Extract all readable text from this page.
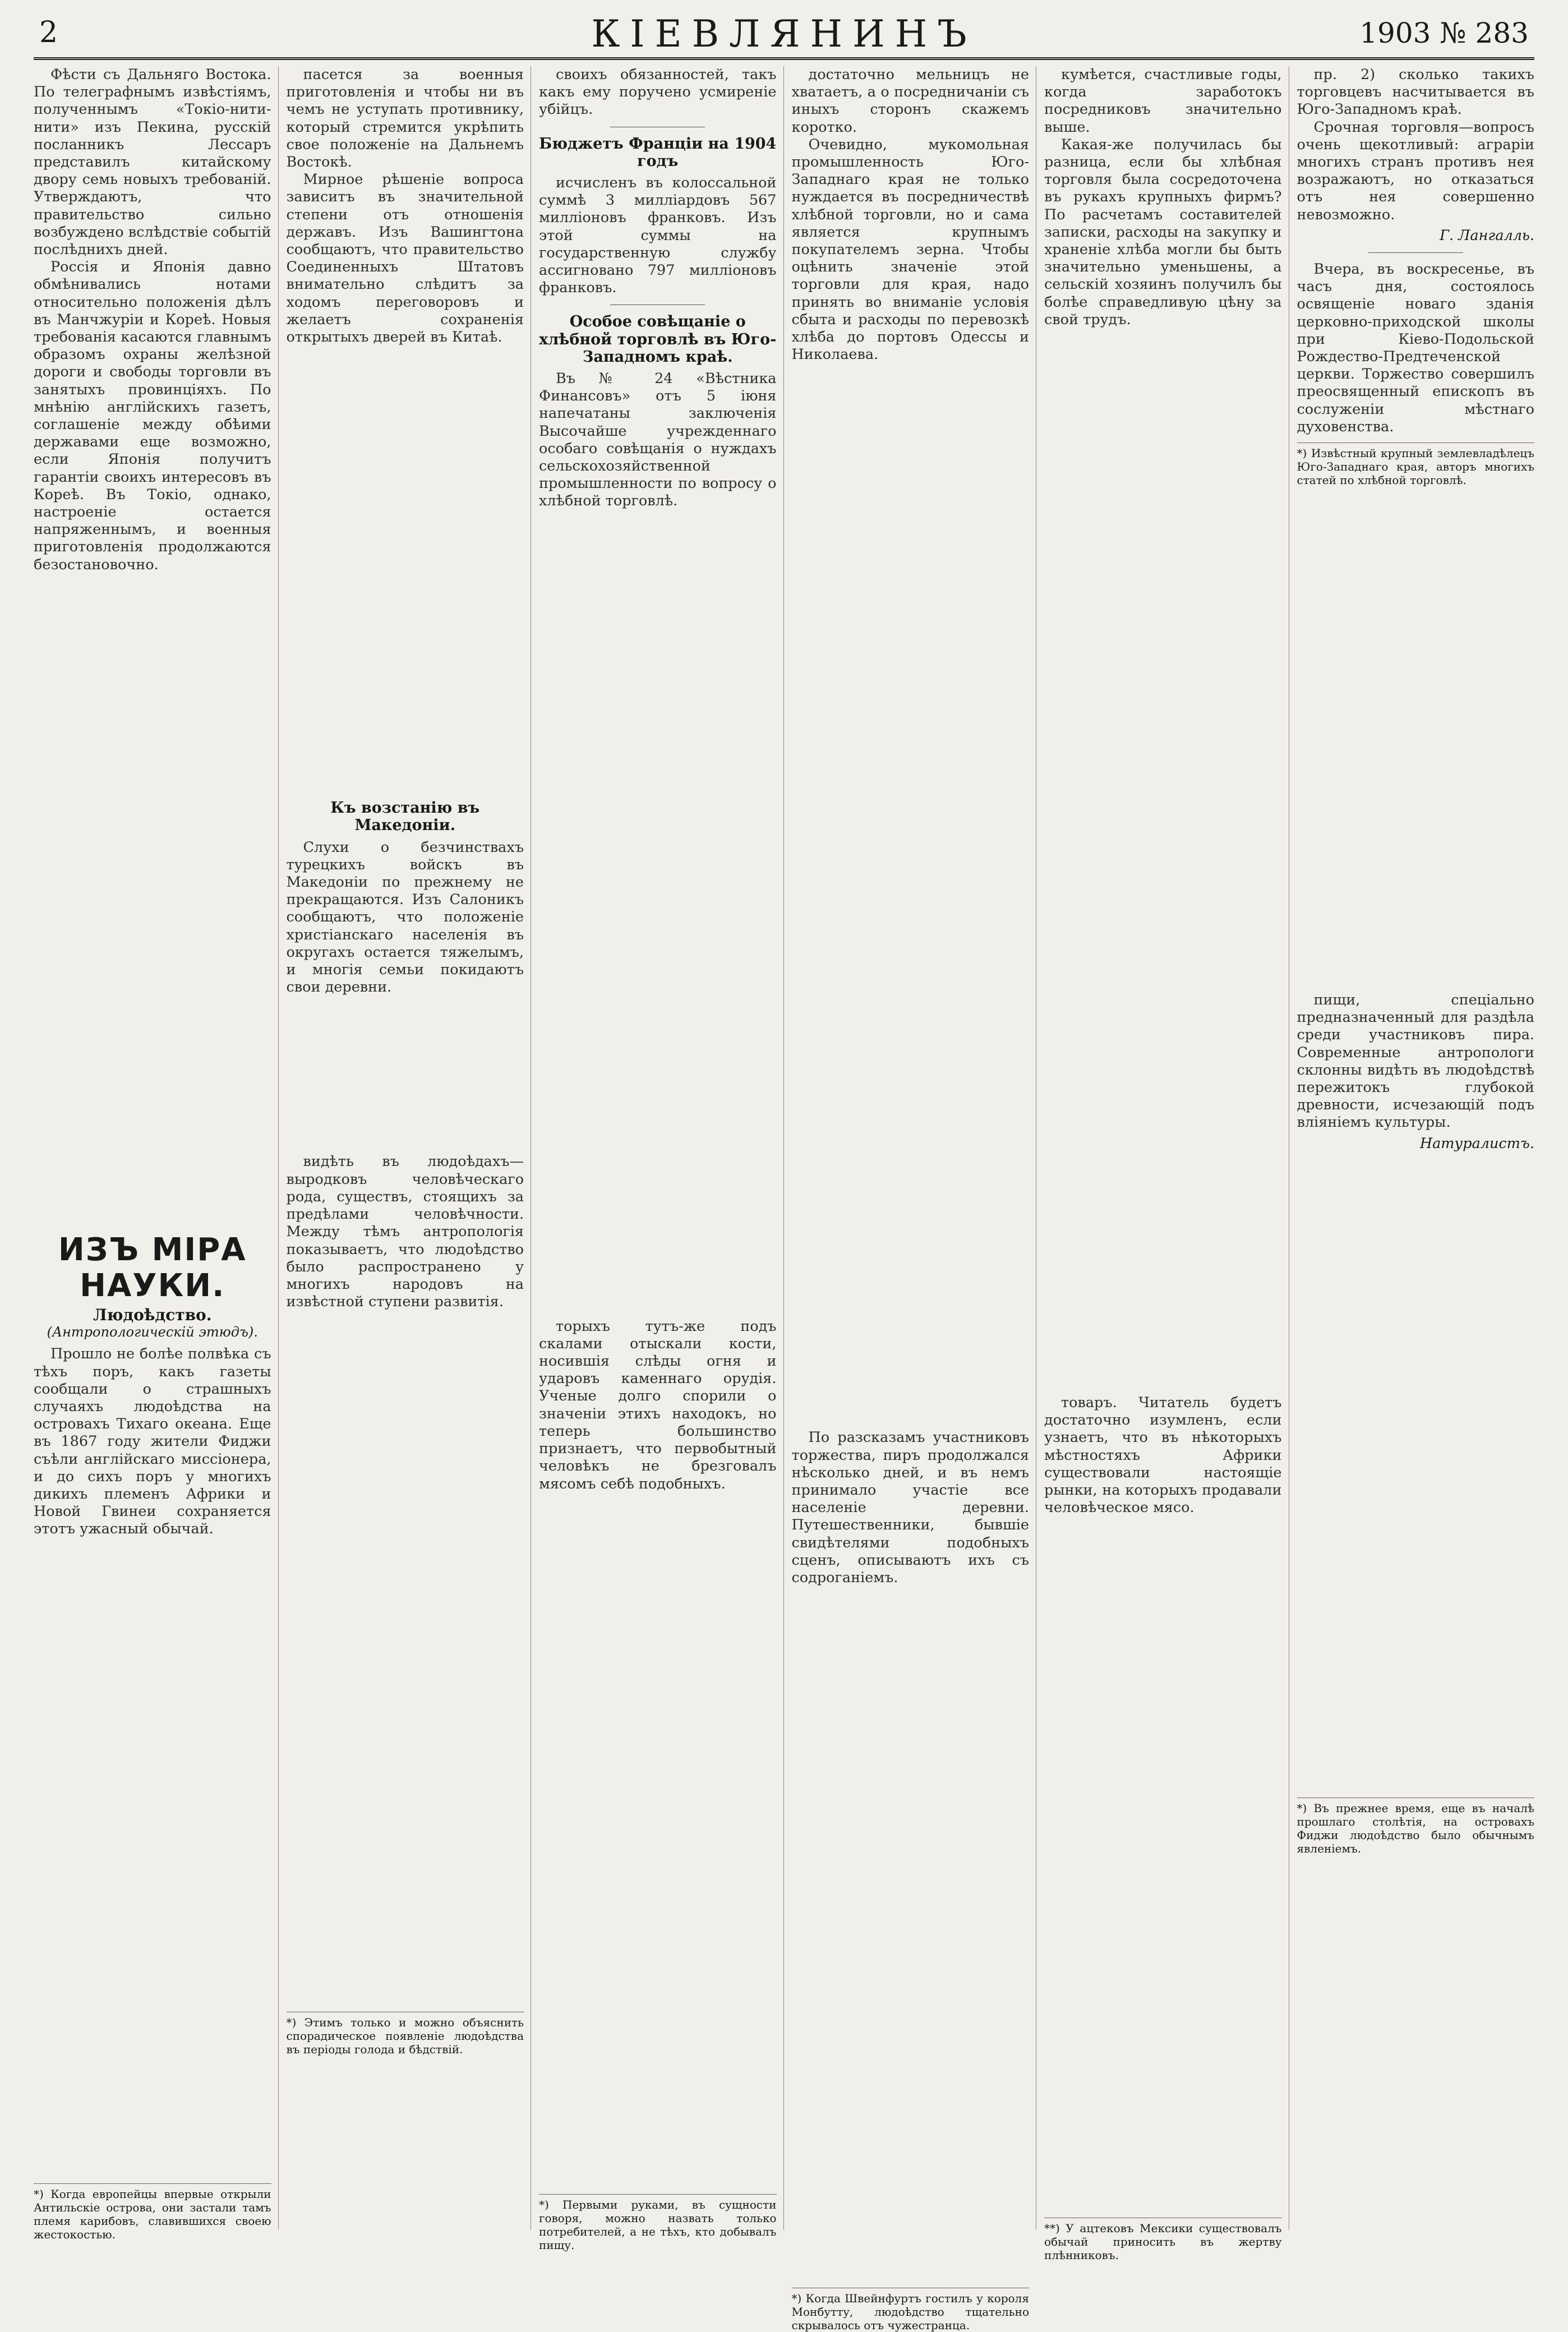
2	КІЕВЛЯНИНЪ	1903 № 283
Фѣсти съ Дальняго Востока. По телеграфнымъ извѣстіямъ, полученнымъ «Токіо-нити-нити» изъ Пекина, русскій посланникъ Лессаръ представилъ китайскому двору семь новыхъ требованій. Утверждаютъ, что правительство сильно возбуждено вслѣдствіе событій послѣднихъ дней.
Россія и Японія давно обмѣнивались нотами относительно положенія дѣлъ въ Манчжуріи и Кореѣ. Новыя требованія касаются главнымъ образомъ охраны желѣзной дороги и свободы торговли въ занятыхъ провинціяхъ. По мнѣнію англійскихъ газетъ, соглашеніе между обѣими державами еще возможно, если Японія получитъ гарантіи своихъ интересовъ въ Кореѣ. Въ Токіо, однако, настроеніе остается напряженнымъ, и военныя приготовленія продолжаются безостановочно.
ИЗЪ МІРА НАУКИ.
Людоѣдство.
(Антропологическій этюдъ).
Прошло не болѣе полвѣка съ тѣхъ поръ, какъ газеты сообщали о страшныхъ случаяхъ людоѣдства на островахъ Тихаго океана. Еще въ 1867 году жители Фиджи съѣли англійскаго миссіонера, и до сихъ поръ у многихъ дикихъ племенъ Африки и Новой Гвинеи сохраняется этотъ ужасный обычай.
*) Когда европейцы впервые открыли Антильскіе острова, они застали тамъ племя карибовъ, славившихся своею жестокостью.
пасется за военныя приготовленія и чтобы ни въ чемъ не уступать противнику, который стремится укрѣпить свое положеніе на Дальнемъ Востокѣ.
Мирное рѣшеніе вопроса зависитъ въ значительной степени отъ отношенія державъ. Изъ Вашингтона сообщаютъ, что правительство Соединенныхъ Штатовъ внимательно слѣдитъ за ходомъ переговоровъ и желаетъ сохраненія открытыхъ дверей въ Китаѣ.
Къ возстанію въ Македоніи.
Слухи о безчинствахъ турецкихъ войскъ въ Македоніи по прежнему не прекращаются. Изъ Салоникъ сообщаютъ, что положеніе христіанскаго населенія въ округахъ остается тяжелымъ, и многія семьи покидаютъ свои деревни.
видѣть въ людоѣдахъ—выродковъ человѣческаго рода, существъ, стоящихъ за предѣлами человѣчности. Между тѣмъ антропологія показываетъ, что людоѣдство было распространено у многихъ народовъ на извѣстной ступени развитія.
*) Этимъ только и можно объяснить спорадическое появленіе людоѣдства въ періоды голода и бѣдствій.
своихъ обязанностей, такъ какъ ему поручено усмиреніе убійцъ.
Бюджетъ Франціи на 1904 годъ
исчисленъ въ колоссальной суммѣ 3 милліардовъ 567 милліоновъ франковъ. Изъ этой суммы на государственную службу ассигновано 797 милліоновъ франковъ.
Особое совѣщаніе о хлѣбной торговлѣ въ Юго-Западномъ краѣ.
Въ № 24 «Вѣстника Финансовъ» отъ 5 іюня напечатаны заключенія Высочайше учрежденнаго особаго совѣщанія о нуждахъ сельскохозяйственной промышленности по вопросу о хлѣбной торговлѣ.
торыхъ тутъ-же подъ скалами отыскали кости, носившія слѣды огня и ударовъ каменнаго орудія. Ученые долго спорили о значеніи этихъ находокъ, но теперь большинство признаетъ, что первобытный человѣкъ не брезговалъ мясомъ себѣ подобныхъ.
*) Первыми руками, въ сущности говоря, можно назвать только потребителей, а не тѣхъ, кто добывалъ пищу.
достаточно мельницъ не хватаетъ, а о посредничаніи съ иныхъ сторонъ скажемъ коротко.
Очевидно, мукомольная промышленность Юго-Западнаго края не только нуждается въ посредничествѣ хлѣбной торговли, но и сама является крупнымъ покупателемъ зерна. Чтобы оцѣнить значеніе этой торговли для края, надо принять во вниманіе условія сбыта и расходы по перевозкѣ хлѣба до портовъ Одессы и Николаева.
По разсказамъ участниковъ торжества, пиръ продолжался нѣсколько дней, и въ немъ принимало участіе все населеніе деревни. Путешественники, бывшіе свидѣтелями подобныхъ сценъ, описываютъ ихъ съ содроганіемъ.
*) Когда Швейнфуртъ гостилъ у короля Монбутту, людоѣдство тщательно скрывалось отъ чужестранца.
кумѣется, счастливые годы, когда заработокъ посредниковъ значительно выше.
Какая-же получилась бы разница, если бы хлѣбная торговля была сосредоточена въ рукахъ крупныхъ фирмъ? По расчетамъ составителей записки, расходы на закупку и храненіе хлѣба могли бы быть значительно уменьшены, а сельскій хозяинъ получилъ бы болѣе справедливую цѣну за свой трудъ.
товаръ. Читатель будетъ достаточно изумленъ, если узнаетъ, что въ нѣкоторыхъ мѣстностяхъ Африки существовали настоящіе рынки, на которыхъ продавали человѣческое мясо.
**) У ацтековъ Мексики существовалъ обычай приносить въ жертву плѣнниковъ.
пр. 2) сколько такихъ торговцевъ насчитывается въ Юго-Западномъ краѣ.
Срочная торговля—вопросъ очень щекотливый: аграріи многихъ странъ противъ нея возражаютъ, но отказаться отъ нея совершенно невозможно.
Г. Лангалль.
Вчера, въ воскресенье, въ часъ дня, состоялось освященіе новаго зданія церковно-приходской школы при Кіево-Подольской Рождество-Предтеченской церкви. Торжество совершилъ преосвященный епископъ въ сослуженіи мѣстнаго духовенства.
*) Извѣстный крупный землевладѣлецъ Юго-Западнаго края, авторъ многихъ статей по хлѣбной торговлѣ.
пищи, спеціально предназначенный для раздѣла среди участниковъ пира. Современные антропологи склонны видѣть въ людоѣдствѣ пережитокъ глубокой древности, исчезающій подъ вліяніемъ культуры.
Натуралистъ.
*) Въ прежнее время, еще въ началѣ прошлаго столѣтія, на островахъ Фиджи людоѣдство было обычнымъ явленіемъ.
